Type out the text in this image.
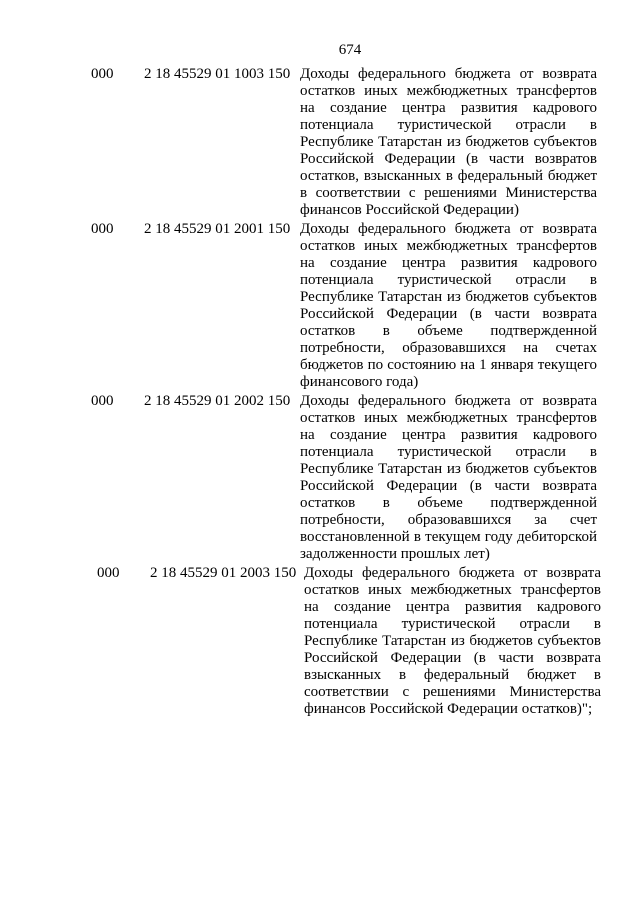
674
000 2 18 45529 01 1003 150 Доходы федерального бюджета от возврата остатков иных межбюджетных трансфертов на создание центра развития кадрового потенциала туристической отрасли в Республике Татарстан из бюджетов субъектов Российской Федерации (в части возвратов остатков, взысканных в федеральный бюджет в соответствии с решениями Министерства финансов Российской Федерации)
000 2 18 45529 01 2001 150 Доходы федерального бюджета от возврата остатков иных межбюджетных трансфертов на создание центра развития кадрового потенциала туристической отрасли в Республике Татарстан из бюджетов субъектов Российской Федерации (в части возврата остатков в объеме подтвержденной потребности, образовавшихся на счетах бюджетов по состоянию на 1 января текущего финансового года)
000 2 18 45529 01 2002 150 Доходы федерального бюджета от возврата остатков иных межбюджетных трансфертов на создание центра развития кадрового потенциала туристической отрасли в Республике Татарстан из бюджетов субъектов Российской Федерации (в части возврата остатков в объеме подтвержденной потребности, образовавшихся за счет восстановленной в текущем году дебиторской задолженности прошлых лет)
000 2 18 45529 01 2003 150 Доходы федерального бюджета от возврата остатков иных межбюджетных трансфертов на создание центра развития кадрового потенциала туристической отрасли в Республике Татарстан из бюджетов субъектов Российской Федерации (в части возврата взысканных в федеральный бюджет в соответствии с решениями Министерства финансов Российской Федерации остатков)";
